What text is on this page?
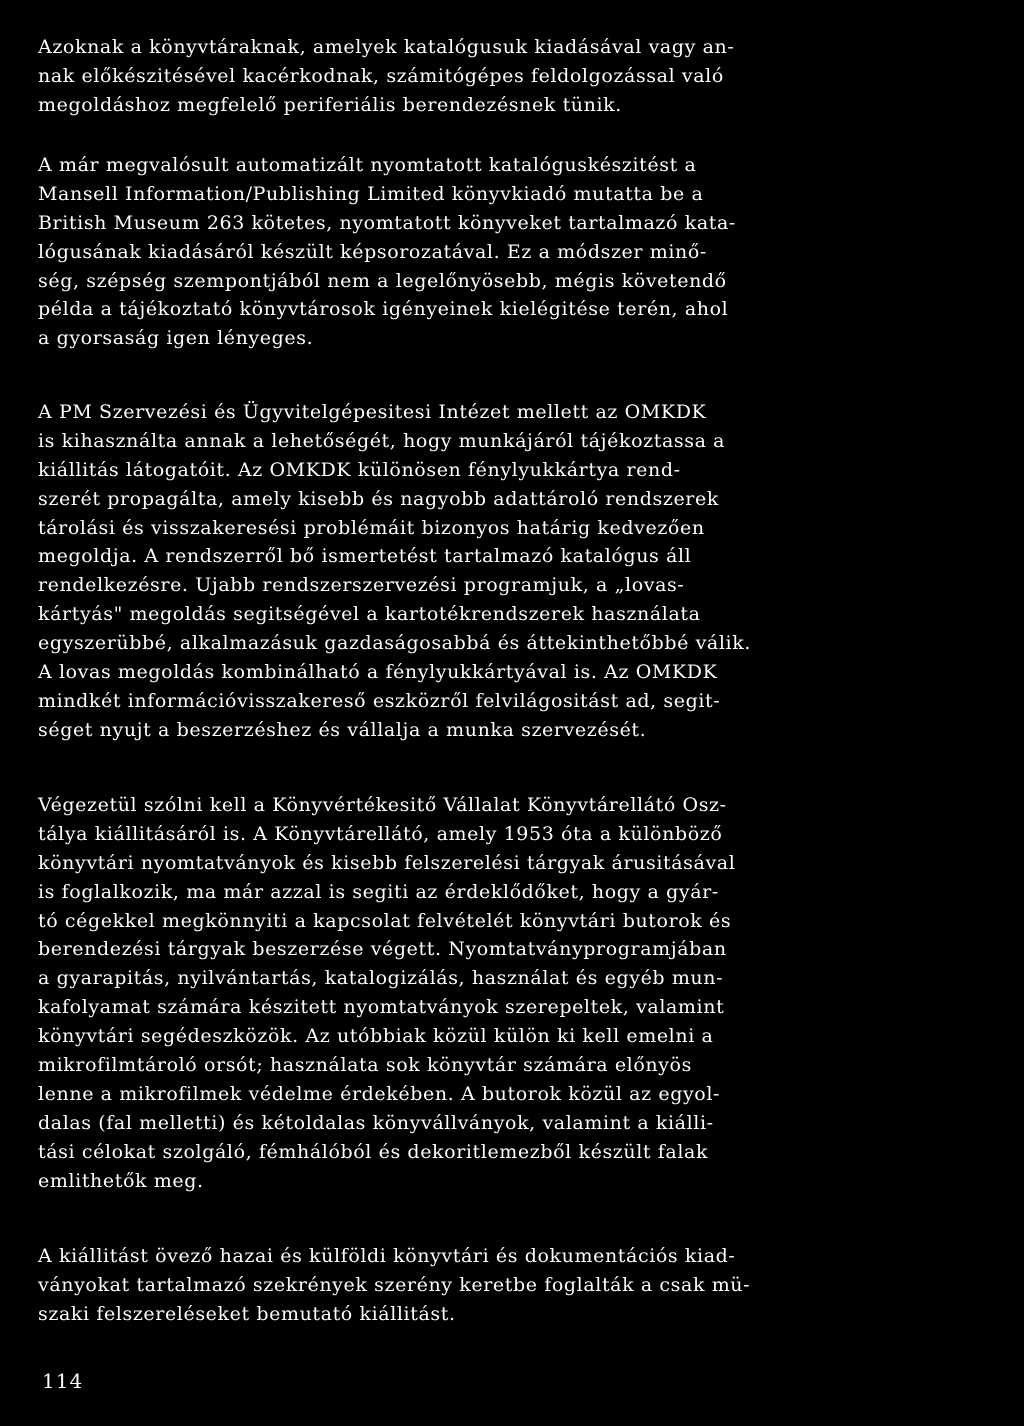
Azoknak a könyvtáraknak, amelyek katalógusuk kiadásával vagy an-
nak előkészitésével kacérkodnak, számitógépes feldolgozással való
megoldáshoz megfelelő periferiális berendezésnek tünik.

A már megvalósult automatizált nyomtatott katalóguskészitést a
Mansell Information/Publishing Limited könyvkiadó mutatta be a
British Museum 263 kötetes, nyomtatott könyveket tartalmazó kata-
lógusának kiadásáról készült képsorozatával. Ez a módszer minő-
ség, szépség szempontjából nem a legelőnyösebb, mégis követendő
példa a tájékoztató könyvtárosok igényeinek kielégitése terén, ahol
a gyorsaság igen lényeges.

A PM Szervezési és Ügyvitelgépesitesi Intézet mellett az OMKDK
is kihasználta annak a lehetőségét, hogy munkájáról tájékoztassa a
kiállitás látogatóit. Az OMKDK különösen fénylyukkártya rend-
szerét propagálta, amely kisebb és nagyobb adattároló rendszerek
tárolási és visszakeresési problémáit bizonyos határig kedvezően
megoldja. A rendszerről bő ismertetést tartalmazó katalógus áll
rendelkezésre. Ujabb rendszerszervezési programjuk, a „lovas-
kártyás" megoldás segitségével a kartotékrendszerek használata
egyszerübbé, alkalmazásuk gazdaságosabbá és áttekinthetőbbé válik.
A lovas megoldás kombinálható a fénylyukkártyával is. Az OMKDK
mindkét információvisszakereső eszközről felvilágositást ad, segit-
séget nyujt a beszerzéshez és vállalja a munka szervezését.

Végezetül szólni kell a Könyvértékesitő Vállalat Könyvtárellátó Osz-
tálya kiállitásáról is. A Könyvtárellátó, amely 1953 óta a különböző
könyvtári nyomtatványok és kisebb felszerelési tárgyak árusitásával
is foglalkozik, ma már azzal is segiti az érdeklődőket, hogy a gyár-
tó cégekkel megkönnyiti a kapcsolat felvételét könyvtári butorok és
berendezési tárgyak beszerzése végett. Nyomtatványprogramjában
a gyarapitás, nyilvántartás, katalogizálás, használat és egyéb mun-
kafolyamat számára készitett nyomtatványok szerepeltek, valamint
könyvtári segédeszközök. Az utóbbiak közül külön ki kell emelni a
mikrofilmtároló orsót; használata sok könyvtár számára előnyös
lenne a mikrofilmek védelme érdekében. A butorok közül az egyol-
dalas (fal melletti) és kétoldalas könyvállványok, valamint a kiálli-
tási célokat szolgáló, fémhálóból és dekoritlemezből készült falak
emlithetők meg.

A kiállitást övező hazai és külföldi könyvtári és dokumentációs kiad-
ványokat tartalmazó szekrények szerény keretbe foglalták a csak mü-
szaki felszereléseket bemutató kiállitást.

114
